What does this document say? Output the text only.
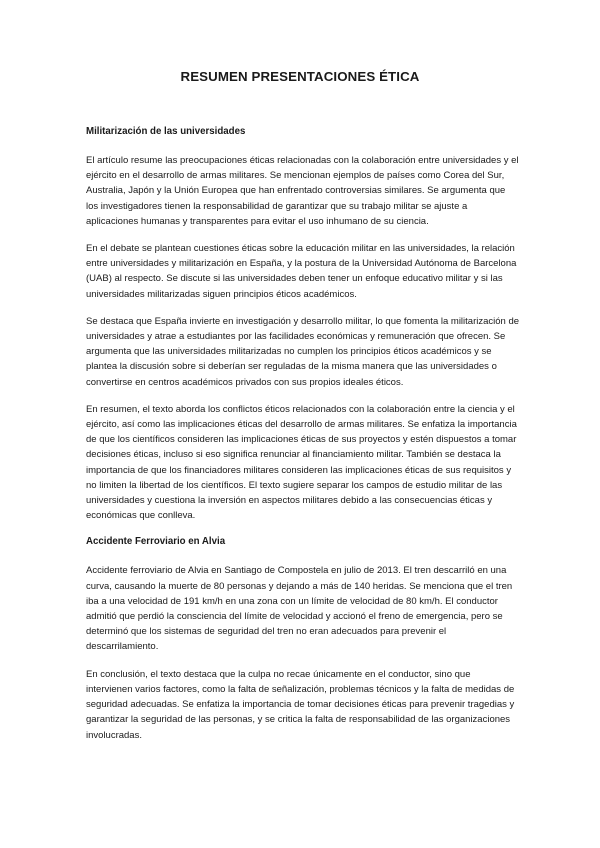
RESUMEN PRESENTACIONES ÉTICA
Militarización de las universidades

El artículo resume las preocupaciones éticas relacionadas con la colaboración entre universidades y el ejército en el desarrollo de armas militares. Se mencionan ejemplos de países como Corea del Sur, Australia, Japón y la Unión Europea que han enfrentado controversias similares. Se argumenta que los investigadores tienen la responsabilidad de garantizar que su trabajo militar se ajuste a aplicaciones humanas y transparentes para evitar el uso inhumano de su ciencia.

En el debate se plantean cuestiones éticas sobre la educación militar en las universidades, la relación entre universidades y militarización en España, y la postura de la Universidad Autónoma de Barcelona (UAB) al respecto. Se discute si las universidades deben tener un enfoque educativo militar y si las universidades militarizadas siguen principios éticos académicos.

Se destaca que España invierte en investigación y desarrollo militar, lo que fomenta la militarización de universidades y atrae a estudiantes por las facilidades económicas y remuneración que ofrecen. Se argumenta que las universidades militarizadas no cumplen los principios éticos académicos y se plantea la discusión sobre si deberían ser reguladas de la misma manera que las universidades o convertirse en centros académicos privados con sus propios ideales éticos.

En resumen, el texto aborda los conflictos éticos relacionados con la colaboración entre la ciencia y el ejército, así como las implicaciones éticas del desarrollo de armas militares. Se enfatiza la importancia de que los científicos consideren las implicaciones éticas de sus proyectos y estén dispuestos a tomar decisiones éticas, incluso si eso significa renunciar al financiamiento militar. También se destaca la importancia de que los financiadores militares consideren las implicaciones éticas de sus requisitos y no limiten la libertad de los científicos. El texto sugiere separar los campos de estudio militar de las universidades y cuestiona la inversión en aspectos militares debido a las consecuencias éticas y económicas que conlleva.

Accidente Ferroviario en Alvia

Accidente ferroviario de Alvia en Santiago de Compostela en julio de 2013. El tren descarriló en una curva, causando la muerte de 80 personas y dejando a más de 140 heridas. Se menciona que el tren iba a una velocidad de 191 km/h en una zona con un límite de velocidad de 80 km/h. El conductor admitió que perdió la consciencia del límite de velocidad y accionó el freno de emergencia, pero se determinó que los sistemas de seguridad del tren no eran adecuados para prevenir el descarrilamiento.

En conclusión, el texto destaca que la culpa no recae únicamente en el conductor, sino que intervienen varios factores, como la falta de señalización, problemas técnicos y la falta de medidas de seguridad adecuadas. Se enfatiza la importancia de tomar decisiones éticas para prevenir tragedias y garantizar la seguridad de las personas, y se critica la falta de responsabilidad de las organizaciones involucradas.
